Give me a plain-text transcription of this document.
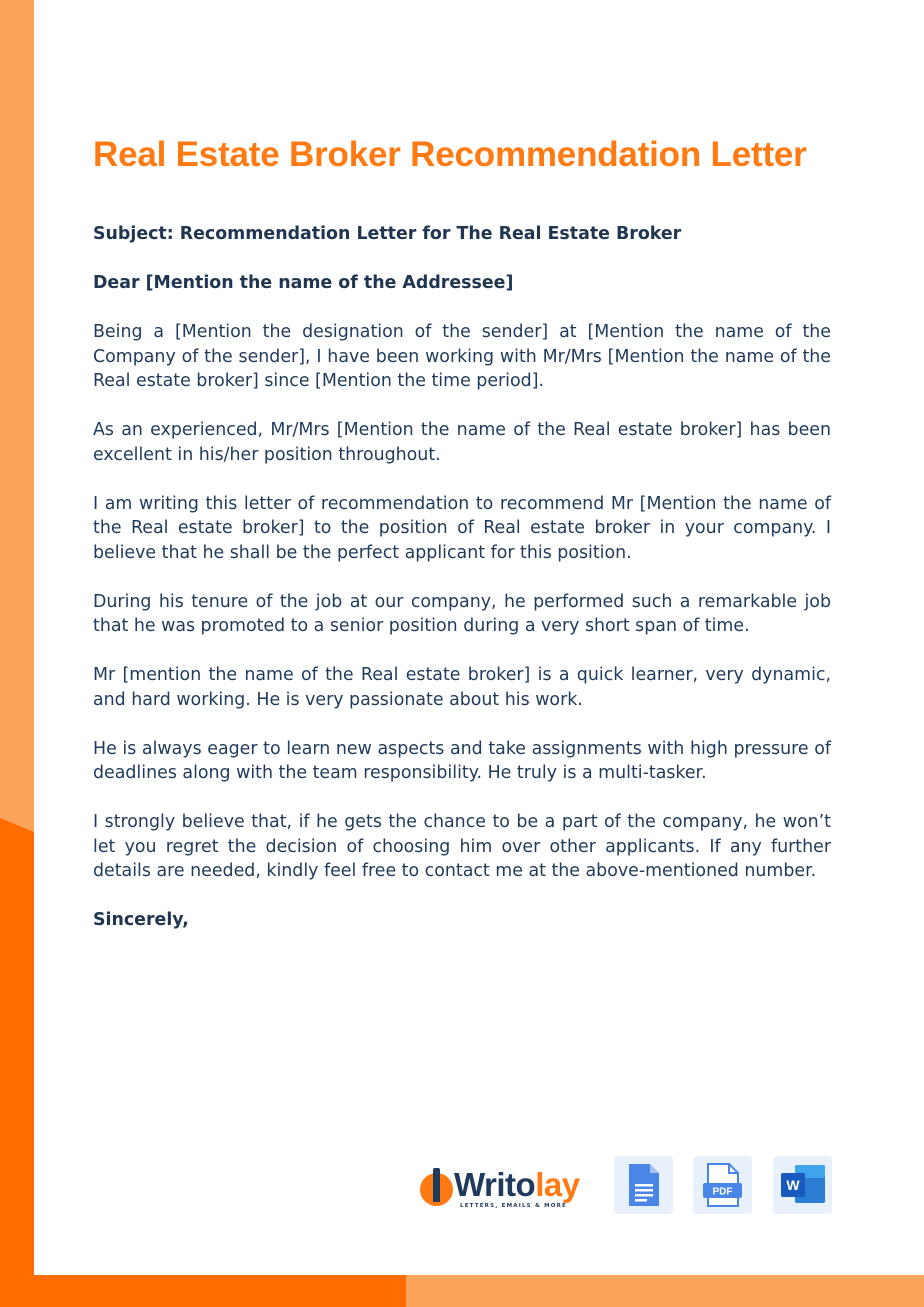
Real Estate Broker Recommendation Letter

Subject: Recommendation Letter for The Real Estate Broker

Dear [Mention the name of the Addressee]

Being a [Mention the designation of the sender] at [Mention the name of the Company of the sender], I have been working with Mr/Mrs [Mention the name of the Real estate broker] since [Mention the time period].

As an experienced, Mr/Mrs [Mention the name of the Real estate broker] has been excellent in his/her position throughout.

I am writing this letter of recommendation to recommend Mr [Mention the name of the Real estate broker] to the position of Real estate broker in your company. I believe that he shall be the perfect applicant for this position.

During his tenure of the job at our company, he performed such a remarkable job that he was promoted to a senior position during a very short span of time.

Mr [mention the name of the Real estate broker] is a quick learner, very dynamic, and hard working. He is very passionate about his work.

He is always eager to learn new aspects and take assignments with high pressure of deadlines along with the team responsibility. He truly is a multi-tasker.

I strongly believe that, if he gets the chance to be a part of the company, he won’t let you regret the decision of choosing him over other applicants. If any further details are needed, kindly feel free to contact me at the above-mentioned number.

Sincerely,

Writolay
LETTERS, EMAILS & MORE
PDF	W
